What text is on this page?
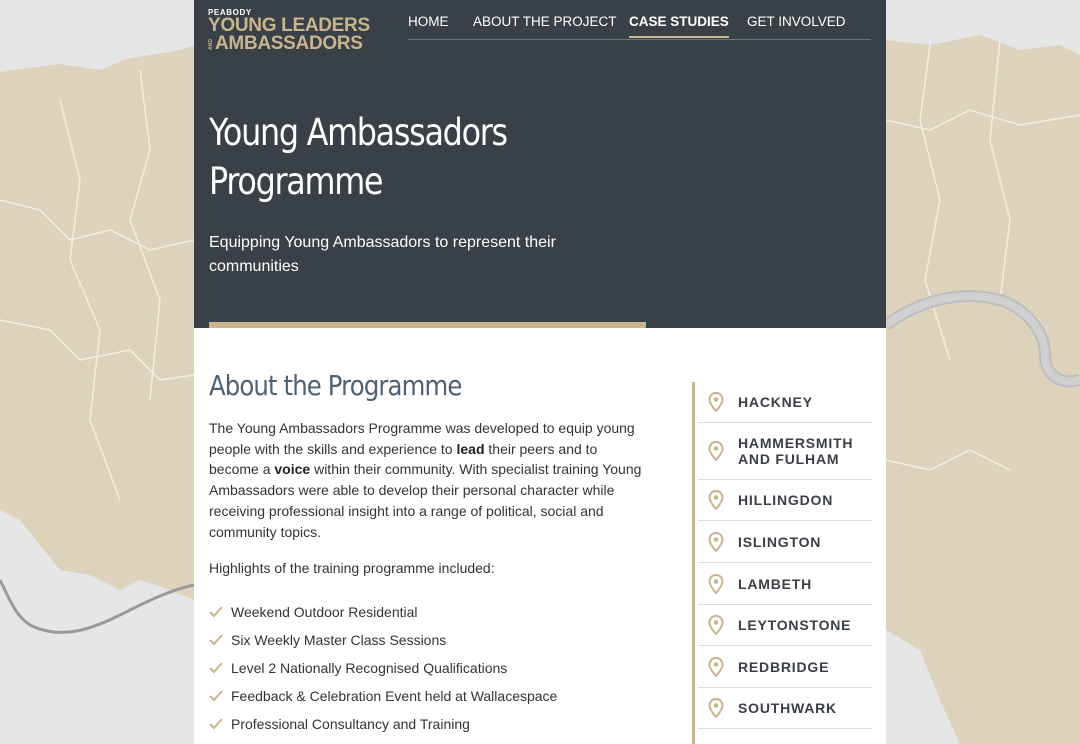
PEABODY
YOUNG LEADERS
AND AMBASSADORS
HOME ABOUT THE PROJECT CASE STUDIES GET INVOLVED
Young Ambassadors
Programme
Equipping Young Ambassadors to represent their communities
About the Programme
The Young Ambassadors Programme was developed to equip young people with the skills and experience to lead their peers and to become a voice within their community. With specialist training Young Ambassadors were able to develop their personal character while receiving professional insight into a range of political, social and community topics.
Highlights of the training programme included:
Weekend Outdoor Residential
Six Weekly Master Class Sessions
Level 2 Nationally Recognised Qualifications
Feedback & Celebration Event held at Wallacespace
Professional Consultancy and Training
HACKNEY
HAMMERSMITH
AND FULHAM
HILLINGDON
ISLINGTON
LAMBETH
LEYTONSTONE
REDBRIDGE
SOUTHWARK
